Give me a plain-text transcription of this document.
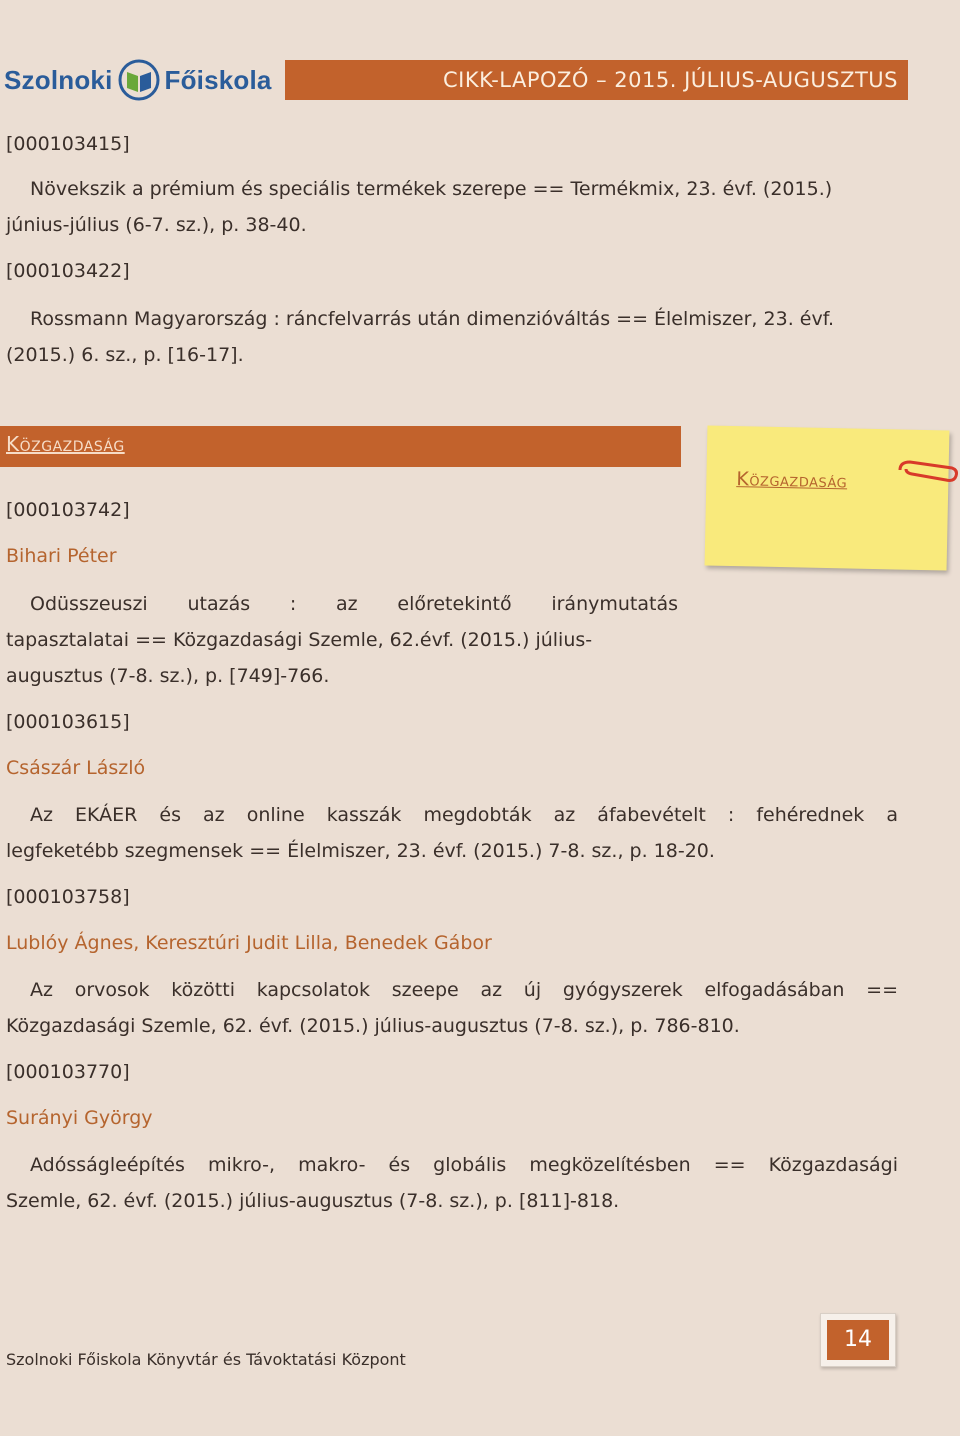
Szolnoki Főiskola	CIKK-LAPOZÓ – 2015. JÚLIUS-AUGUSZTUS
[000103415]
Növekszik a prémium és speciális termékek szerepe == Termékmix, 23. évf. (2015.)
június-július (6-7. sz.), p. 38-40.
[000103422]
Rossmann Magyarország : ráncfelvarrás után dimenzióváltás == Élelmiszer, 23. évf.
(2015.) 6. sz., p. [16-17].
Közgazdaság
Közgazdaság
[000103742]
Bihari Péter
Odüsszeuszi utazás : az előretekintő iránymutatás
tapasztalatai == Közgazdasági Szemle, 62.évf. (2015.) július-
augusztus (7-8. sz.), p. [749]-766.
[000103615]
Császár László
Az EKÁER és az online kasszák megdobták az áfabevételt : fehérednek a
legfeketébb szegmensek == Élelmiszer, 23. évf. (2015.) 7-8. sz., p. 18-20.
[000103758]
Lublóy Ágnes, Keresztúri Judit Lilla, Benedek Gábor
Az orvosok közötti kapcsolatok szeepe az új gyógyszerek elfogadásában ==
Közgazdasági Szemle, 62. évf. (2015.) július-augusztus (7-8. sz.), p. 786-810.
[000103770]
Surányi György
Adósságleépítés mikro-, makro- és globális megközelítésben == Közgazdasági
Szemle, 62. évf. (2015.) július-augusztus (7-8. sz.), p. [811]-818.
Szolnoki Főiskola Könyvtár és Távoktatási Központ
14
